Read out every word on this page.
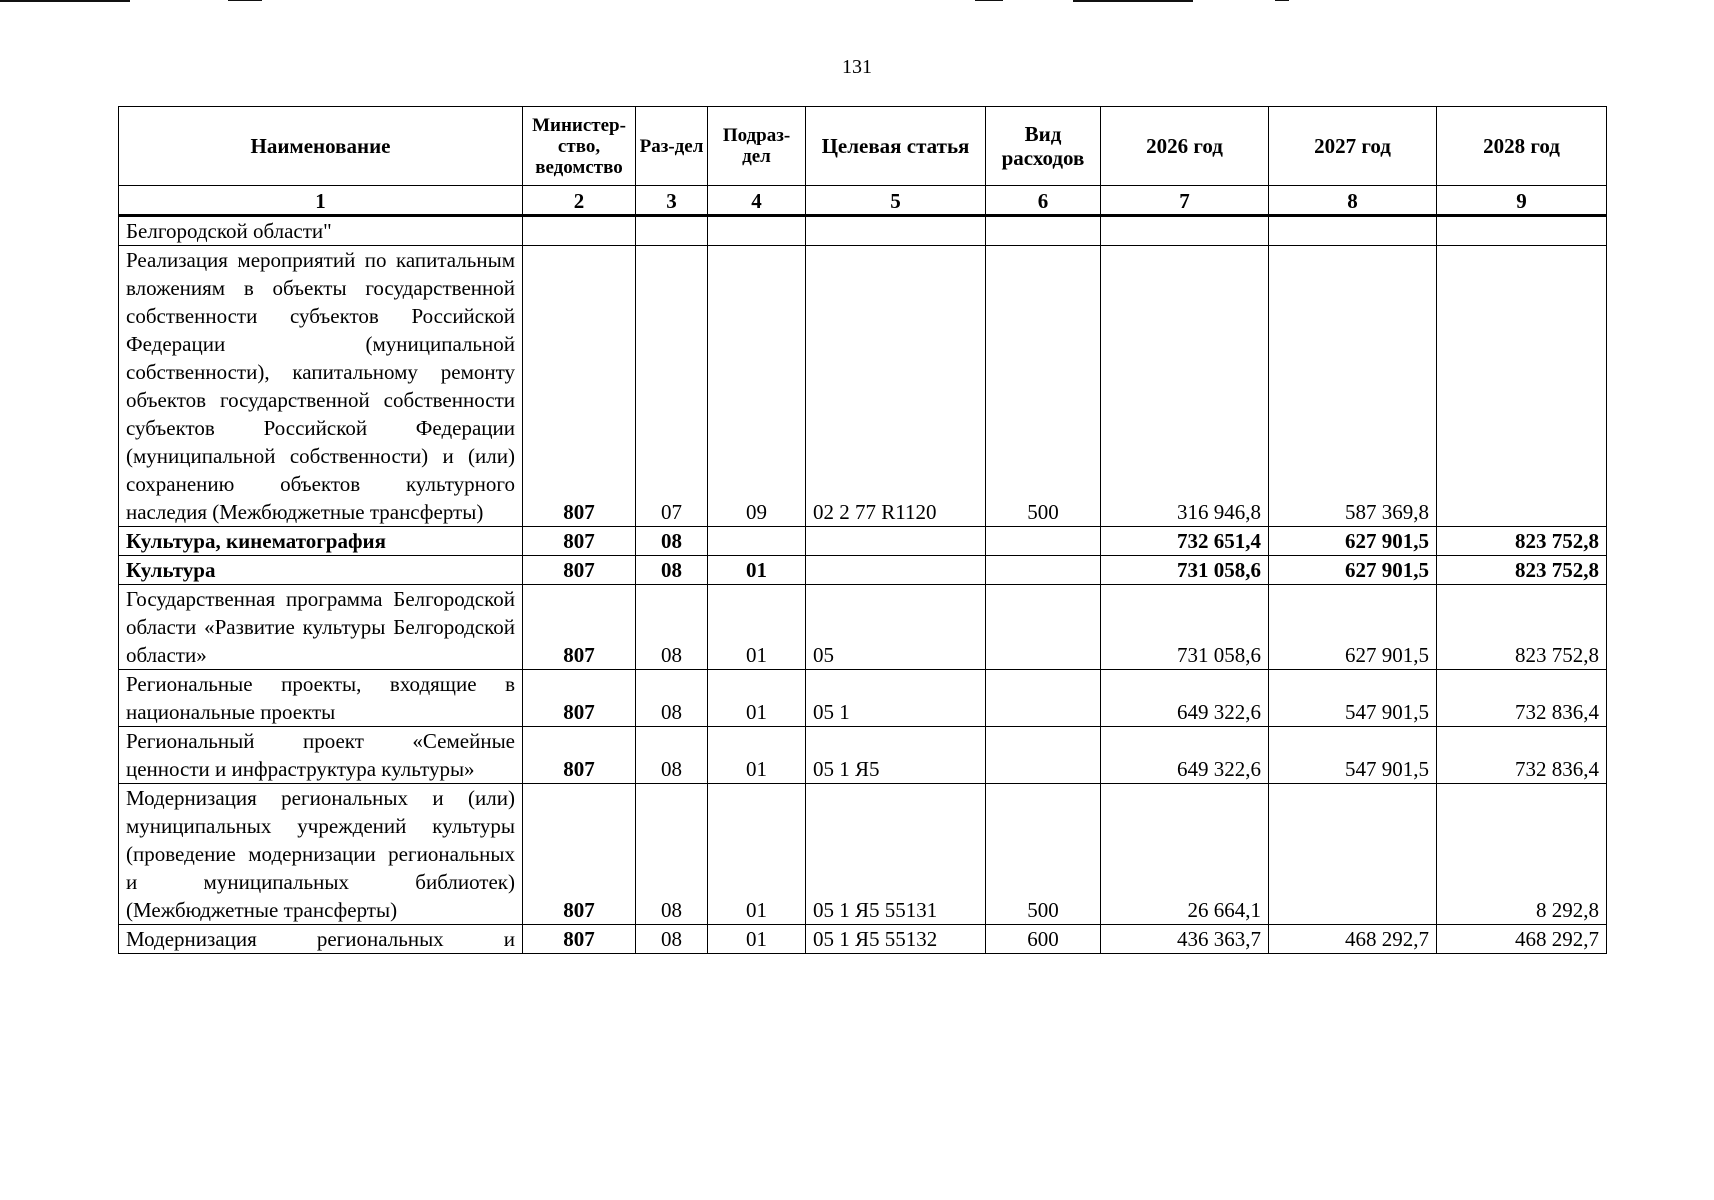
131
Наименование	Министер-ство, ведомство	Раз-дел	Подраз-дел	Целевая статья	Вид расходов	2026 год	2027 год	2028 год
1	2	3	4	5	6	7	8	9
Белгородской области"								
Реализация мероприятий по капитальным вложениям в объекты государственной собственности субъектов Российской Федерации (муниципальной собственности), капитальному ремонту объектов государственной собственности субъектов Российской Федерации (муниципальной собственности) и (или) сохранению объектов культурного наследия (Межбюджетные трансферты)	807	07	09	02 2 77 R1120	500	316 946,8	587 369,8	
Культура, кинематография	807	08				732 651,4	627 901,5	823 752,8
Культура	807	08	01			731 058,6	627 901,5	823 752,8
Государственная программа Белгородской области «Развитие культуры Белгородской области»	807	08	01	05		731 058,6	627 901,5	823 752,8
Региональные проекты, входящие в национальные проекты	807	08	01	05 1		649 322,6	547 901,5	732 836,4
Региональный проект «Семейные ценности и инфраструктура культуры»	807	08	01	05 1 Я5		649 322,6	547 901,5	732 836,4
Модернизация региональных и (или) муниципальных учреждений культуры (проведение модернизации региональных и муниципальных библиотек) (Межбюджетные трансферты)	807	08	01	05 1 Я5 55131	500	26 664,1		8 292,8
Модернизация региональных и	807	08	01	05 1 Я5 55132	600	436 363,7	468 292,7	468 292,7
